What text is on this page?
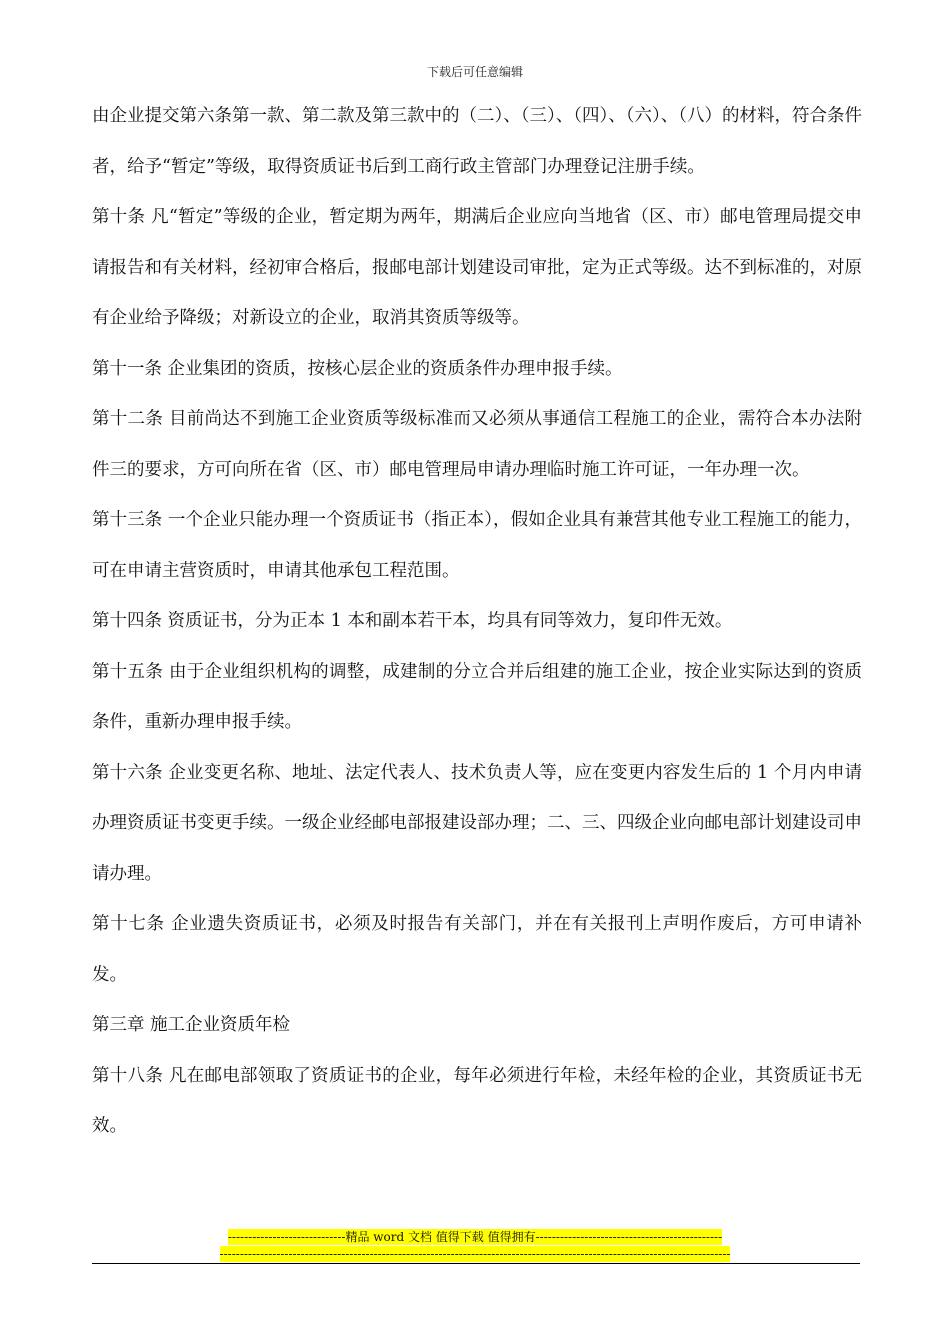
下载后可任意编辑

由企业提交第六条第一款、第二款及第三款中的（二）、（三）、（四）、（六）、（八）的材料，符合条件者，给予“暂定”等级，取得资质证书后到工商行政主管部门办理登记注册手续。

第十条 凡“暂定”等级的企业，暂定期为两年，期满后企业应向当地省（区、市）邮电管理局提交申请报告和有关材料，经初审合格后，报邮电部计划建设司审批，定为正式等级。达不到标准的，对原有企业给予降级；对新设立的企业，取消其资质等级等。

第十一条 企业集团的资质，按核心层企业的资质条件办理申报手续。

第十二条 目前尚达不到施工企业资质等级标准而又必须从事通信工程施工的企业，需符合本办法附件三的要求，方可向所在省（区、市）邮电管理局申请办理临时施工许可证，一年办理一次。

第十三条 一个企业只能办理一个资质证书（指正本），假如企业具有兼营其他专业工程施工的能力，可在申请主营资质时，申请其他承包工程范围。

第十四条 资质证书，分为正本 1 本和副本若干本，均具有同等效力，复印件无效。

第十五条 由于企业组织机构的调整，成建制的分立合并后组建的施工企业，按企业实际达到的资质条件，重新办理申报手续。

第十六条 企业变更名称、地址、法定代表人、技术负责人等，应在变更内容发生后的 1 个月内申请办理资质证书变更手续。一级企业经邮电部报建设部办理；二、三、四级企业向邮电部计划建设司申请办理。

第十七条 企业遗失资质证书，必须及时报告有关部门，并在有关报刊上声明作废后，方可申请补发。

第三章 施工企业资质年检

第十八条 凡在邮电部领取了资质证书的企业，每年必须进行年检，未经年检的企业，其资质证书无效。

-----------------------------精品 word 文档 值得下载 值得拥有----------------------------------------------
------------------------------------------------------------------------------------------------------------------------------
